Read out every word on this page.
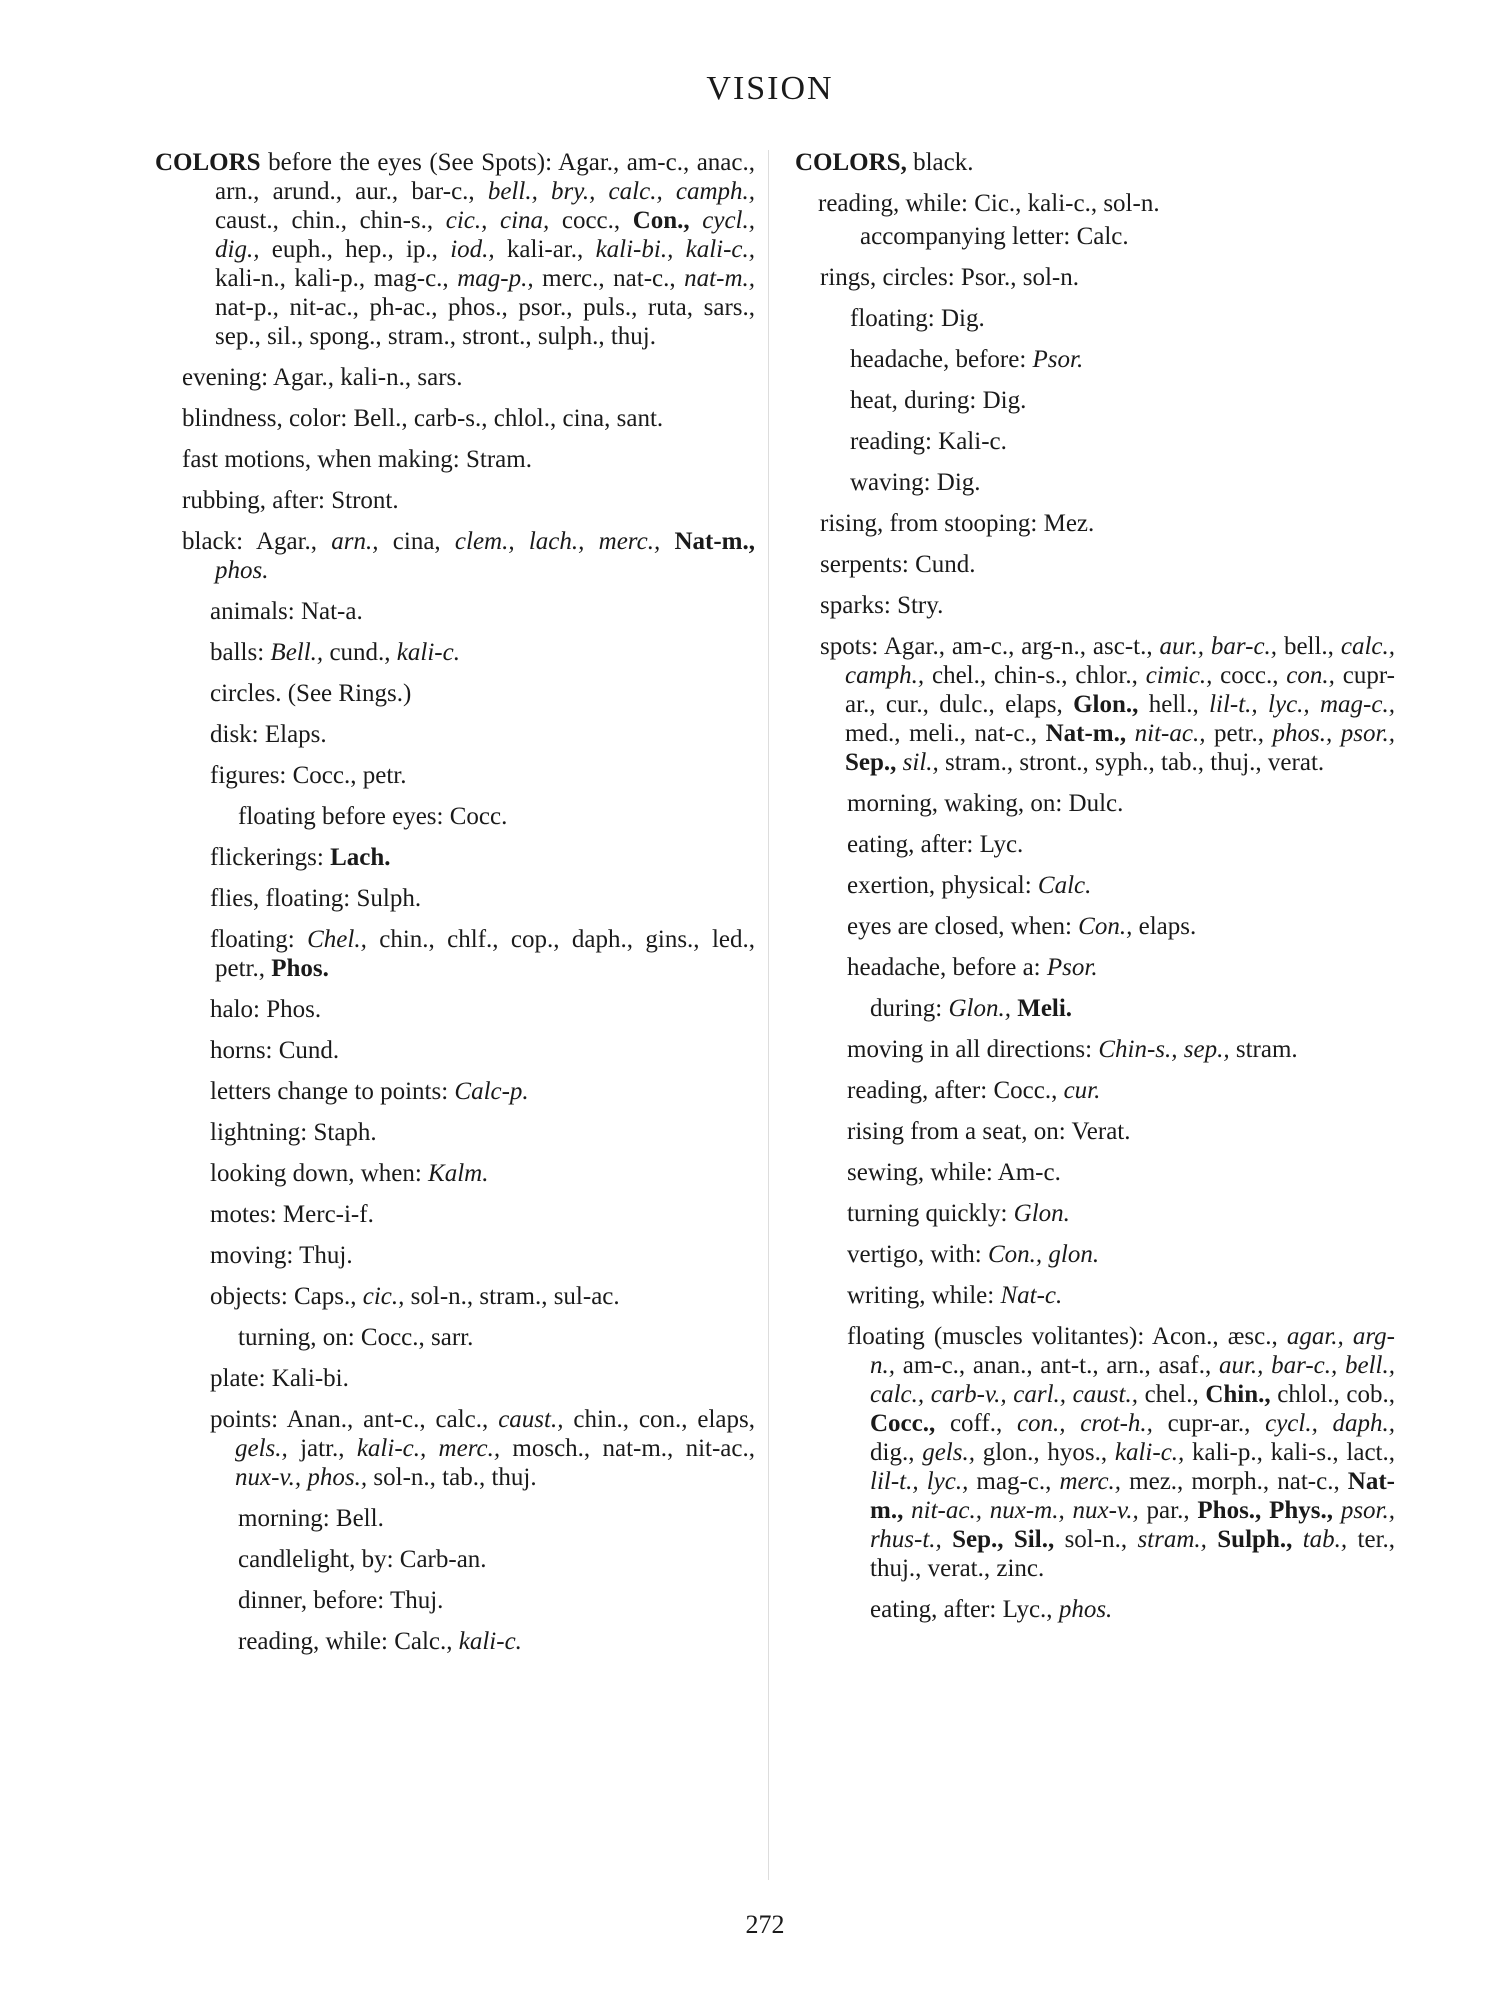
VISION
COLORS before the eyes (See Spots): Agar., am-c., anac., arn., arund., aur., bar-c., bell., bry., calc., camph., caust., chin., chin-s., cic., cina, cocc., Con., cycl., dig., euph., hep., ip., iod., kali-ar., kali-bi., kali-c., kali-n., kali-p., mag-c., mag-p., merc., nat-c., nat-m., nat-p., nit-ac., ph-ac., phos., psor., puls., ruta, sars., sep., sil., spong., stram., stront., sulph., thuj.
evening: Agar., kali-n., sars.
blindness, color: Bell., carb-s., chlol., cina, sant.
fast motions, when making: Stram.
rubbing, after: Stront.
black: Agar., arn., cina, clem., lach., merc., Nat-m., phos.
animals: Nat-a.
balls: Bell., cund., kali-c.
circles. (See Rings.)
disk: Elaps.
figures: Cocc., petr.
floating before eyes: Cocc.
flickerings: Lach.
flies, floating: Sulph.
floating: Chel., chin., chlf., cop., daph., gins., led., petr., Phos.
halo: Phos.
horns: Cund.
letters change to points: Calc-p.
lightning: Staph.
looking down, when: Kalm.
motes: Merc-i-f.
moving: Thuj.
objects: Caps., cic., sol-n., stram., sul-ac.
turning, on: Cocc., sarr.
plate: Kali-bi.
points: Anan., ant-c., calc., caust., chin., con., elaps, gels., jatr., kali-c., merc., mosch., nat-m., nit-ac., nux-v., phos., sol-n., tab., thuj.
morning: Bell.
candlelight, by: Carb-an.
dinner, before: Thuj.
reading, while: Calc., kali-c.
COLORS, black.
reading, while: Cic., kali-c., sol-n.
accompanying letter: Calc.
rings, circles: Psor., sol-n.
floating: Dig.
headache, before: Psor.
heat, during: Dig.
reading: Kali-c.
waving: Dig.
rising, from stooping: Mez.
serpents: Cund.
sparks: Stry.
spots: Agar., am-c., arg-n., asc-t., aur., bar-c., bell., calc., camph., chel., chin-s., chlor., cimic., cocc., con., cupr-ar., cur., dulc., elaps, Glon., hell., lil-t., lyc., mag-c., med., meli., nat-c., Nat-m., nit-ac., petr., phos., psor., Sep., sil., stram., stront., syph., tab., thuj., verat.
morning, waking, on: Dulc.
eating, after: Lyc.
exertion, physical: Calc.
eyes are closed, when: Con., elaps.
headache, before a: Psor.
during: Glon., Meli.
moving in all directions: Chin-s., sep., stram.
reading, after: Cocc., cur.
rising from a seat, on: Verat.
sewing, while: Am-c.
turning quickly: Glon.
vertigo, with: Con., glon.
writing, while: Nat-c.
floating (muscles volitantes): Acon., æsc., agar., arg-n., am-c., anan., ant-t., arn., asaf., aur., bar-c., bell., calc., carb-v., carl., caust., chel., Chin., chlol., cob., Cocc., coff., con., crot-h., cupr-ar., cycl., daph., dig., gels., glon., hyos., kali-c., kali-p., kali-s., lact., lil-t., lyc., mag-c., merc., mez., morph., nat-c., Nat-m., nit-ac., nux-m., nux-v., par., Phos., Phys., psor., rhus-t., Sep., Sil., sol-n., stram., Sulph., tab., ter., thuj., verat., zinc.
eating, after: Lyc., phos.
272
